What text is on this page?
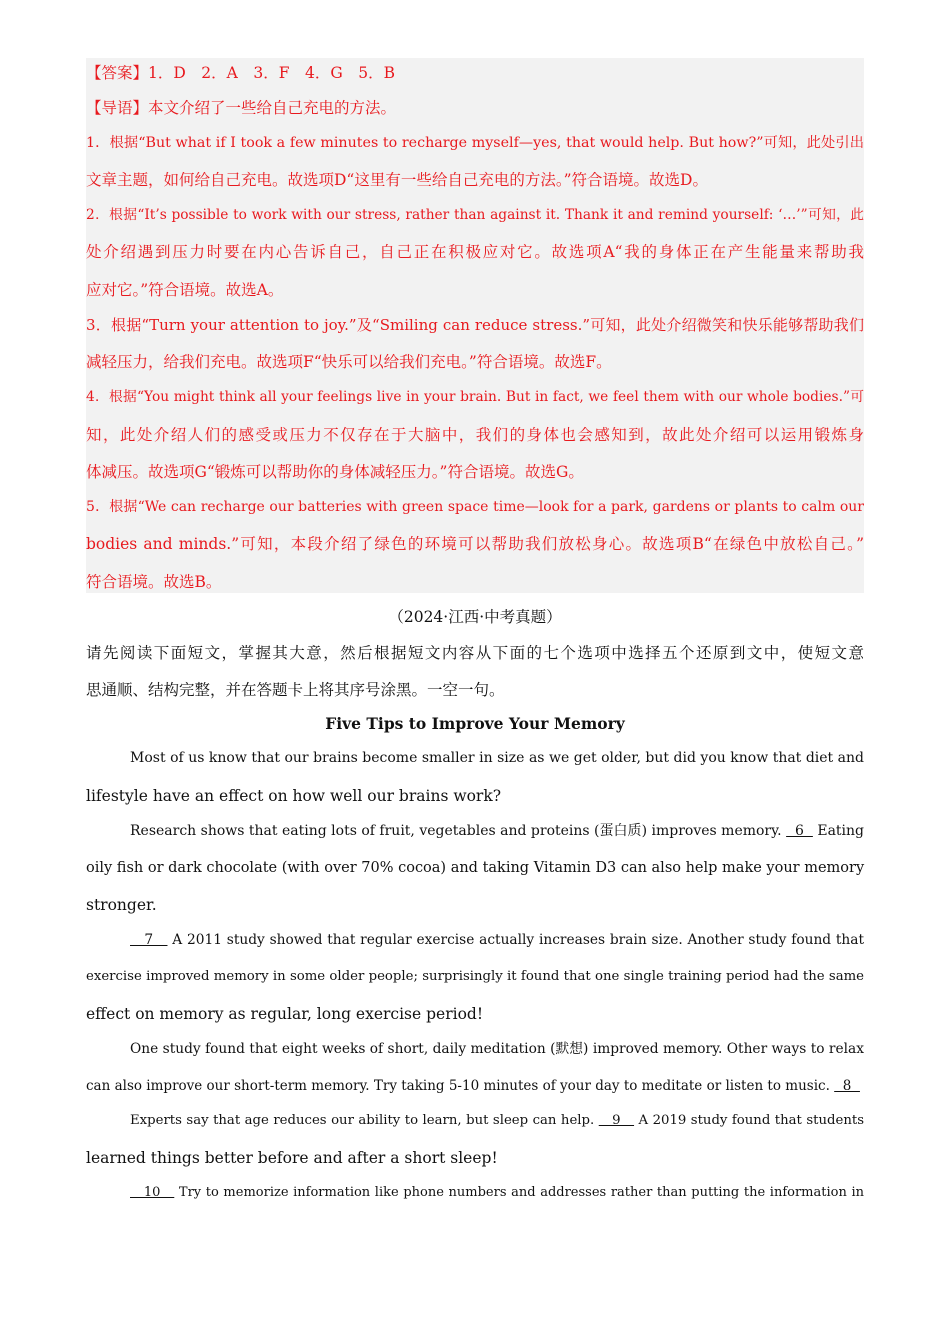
【答案】1．D　2．A　3．F　4．G　5．B
【导语】本文介绍了一些给自己充电的方法。
1．根据“But what if I took a few minutes to recharge myself—yes, that would help. But how?”可知，此处引出
文章主题，如何给自己充电。故选项D“这里有一些给自己充电的方法。”符合语境。故选D。
2．根据“It’s possible to work with our stress, rather than against it. Thank it and remind yourself: ‘…’”可知，此
处介绍遇到压力时要在内心告诉自己，自己正在积极应对它。故选项A“我的身体正在产生能量来帮助我
应对它。”符合语境。故选A。
3．根据“Turn your attention to joy.”及“Smiling can reduce stress.”可知，此处介绍微笑和快乐能够帮助我们
减轻压力，给我们充电。故选项F“快乐可以给我们充电。”符合语境。故选F。
4．根据“You might think all your feelings live in your brain. But in fact, we feel them with our whole bodies.”可
知，此处介绍人们的感受或压力不仅存在于大脑中，我们的身体也会感知到，故此处介绍可以运用锻炼身
体减压。故选项G“锻炼可以帮助你的身体减轻压力。”符合语境。故选G。
5．根据“We can recharge our batteries with green space time—look for a park, gardens or plants to calm our
bodies and minds.”可知，本段介绍了绿色的环境可以帮助我们放松身心。故选项B“在绿色中放松自己。”
符合语境。故选B。
（2024·江西·中考真题）
请先阅读下面短文，掌握其大意，然后根据短文内容从下面的七个选项中选择五个还原到文中，使短文意
思通顺、结构完整，并在答题卡上将其序号涂黑。一空一句。
Five Tips to Improve Your Memory
Most of us know that our brains become smaller in size as we get older, but did you know that diet and
lifestyle have an effect on how well our brains work?
Research shows that eating lots of fruit, vegetables and proteins (蛋白质) improves memory.   6   Eating
oily fish or dark chocolate (with over 70% cocoa) and taking Vitamin D3 can also help make your memory
stronger.
7    A 2011 study showed that regular exercise actually increases brain size. Another study found that
exercise improved memory in some older people; surprisingly it found that one single training period had the same
effect on memory as regular, long exercise period!
One study found that eight weeks of short, daily meditation (默想) improved memory. Other ways to relax
can also improve our short-term memory. Try taking 5-10 minutes of your day to meditate or listen to music.   8
Experts say that age reduces our ability to learn, but sleep can help.    9    A 2019 study found that students
learned things better before and after a short sleep!
10    Try to memorize information like phone numbers and addresses rather than putting the information in
